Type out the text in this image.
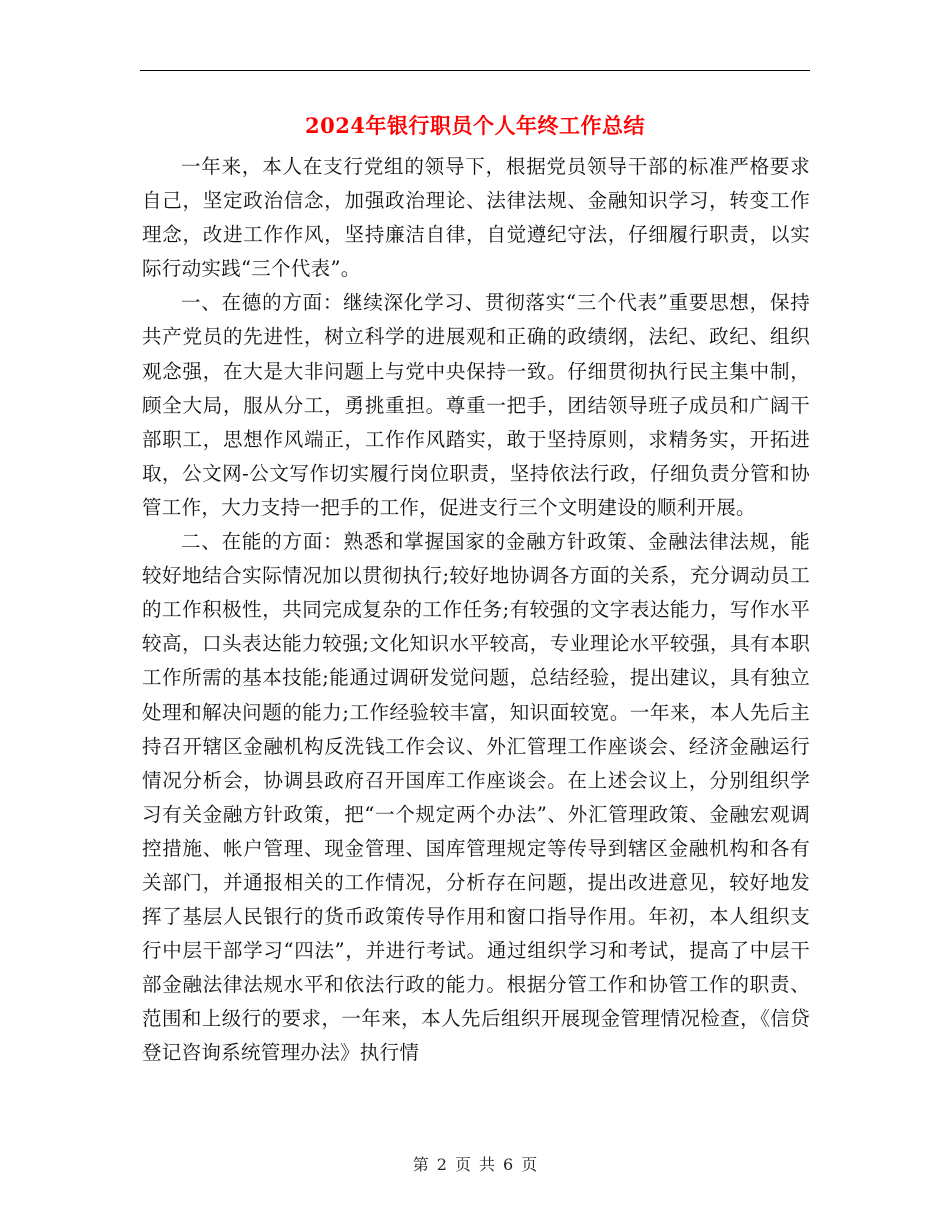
2024年银行职员个人年终工作总结

一年来，本人在支行党组的领导下，根据党员领导干部的标准严格要求自己，坚定政治信念，加强政治理论、法律法规、金融知识学习，转变工作理念，改进工作作风，坚持廉洁自律，自觉遵纪守法，仔细履行职责，以实际行动实践“三个代表”。

一、在德的方面：继续深化学习、贯彻落实“三个代表”重要思想，保持共产党员的先进性，树立科学的进展观和正确的政绩纲，法纪、政纪、组织观念强，在大是大非问题上与党中央保持一致。仔细贯彻执行民主集中制，顾全大局，服从分工，勇挑重担。尊重一把手，团结领导班子成员和广阔干部职工，思想作风端正，工作作风踏实，敢于坚持原则，求精务实，开拓进取，公文网-公文写作切实履行岗位职责，坚持依法行政，仔细负责分管和协管工作，大力支持一把手的工作，促进支行三个文明建设的顺利开展。

二、在能的方面：熟悉和掌握国家的金融方针政策、金融法律法规，能较好地结合实际情况加以贯彻执行;较好地协调各方面的关系，充分调动员工的工作积极性，共同完成复杂的工作任务;有较强的文字表达能力，写作水平较高，口头表达能力较强;文化知识水平较高，专业理论水平较强，具有本职工作所需的基本技能;能通过调研发觉问题，总结经验，提出建议，具有独立处理和解决问题的能力;工作经验较丰富，知识面较宽。一年来，本人先后主持召开辖区金融机构反洗钱工作会议、外汇管理工作座谈会、经济金融运行情况分析会，协调县政府召开国库工作座谈会。在上述会议上，分别组织学习有关金融方针政策，把“一个规定两个办法”、外汇管理政策、金融宏观调控措施、帐户管理、现金管理、国库管理规定等传导到辖区金融机构和各有关部门，并通报相关的工作情况，分析存在问题，提出改进意见，较好地发挥了基层人民银行的货币政策传导作用和窗口指导作用。年初，本人组织支行中层干部学习“四法”，并进行考试。通过组织学习和考试，提高了中层干部金融法律法规水平和依法行政的能力。根据分管工作和协管工作的职责、范围和上级行的要求，一年来，本人先后组织开展现金管理情况检查，《信贷登记咨询系统管理办法》执行情

第 2 页 共 6 页
